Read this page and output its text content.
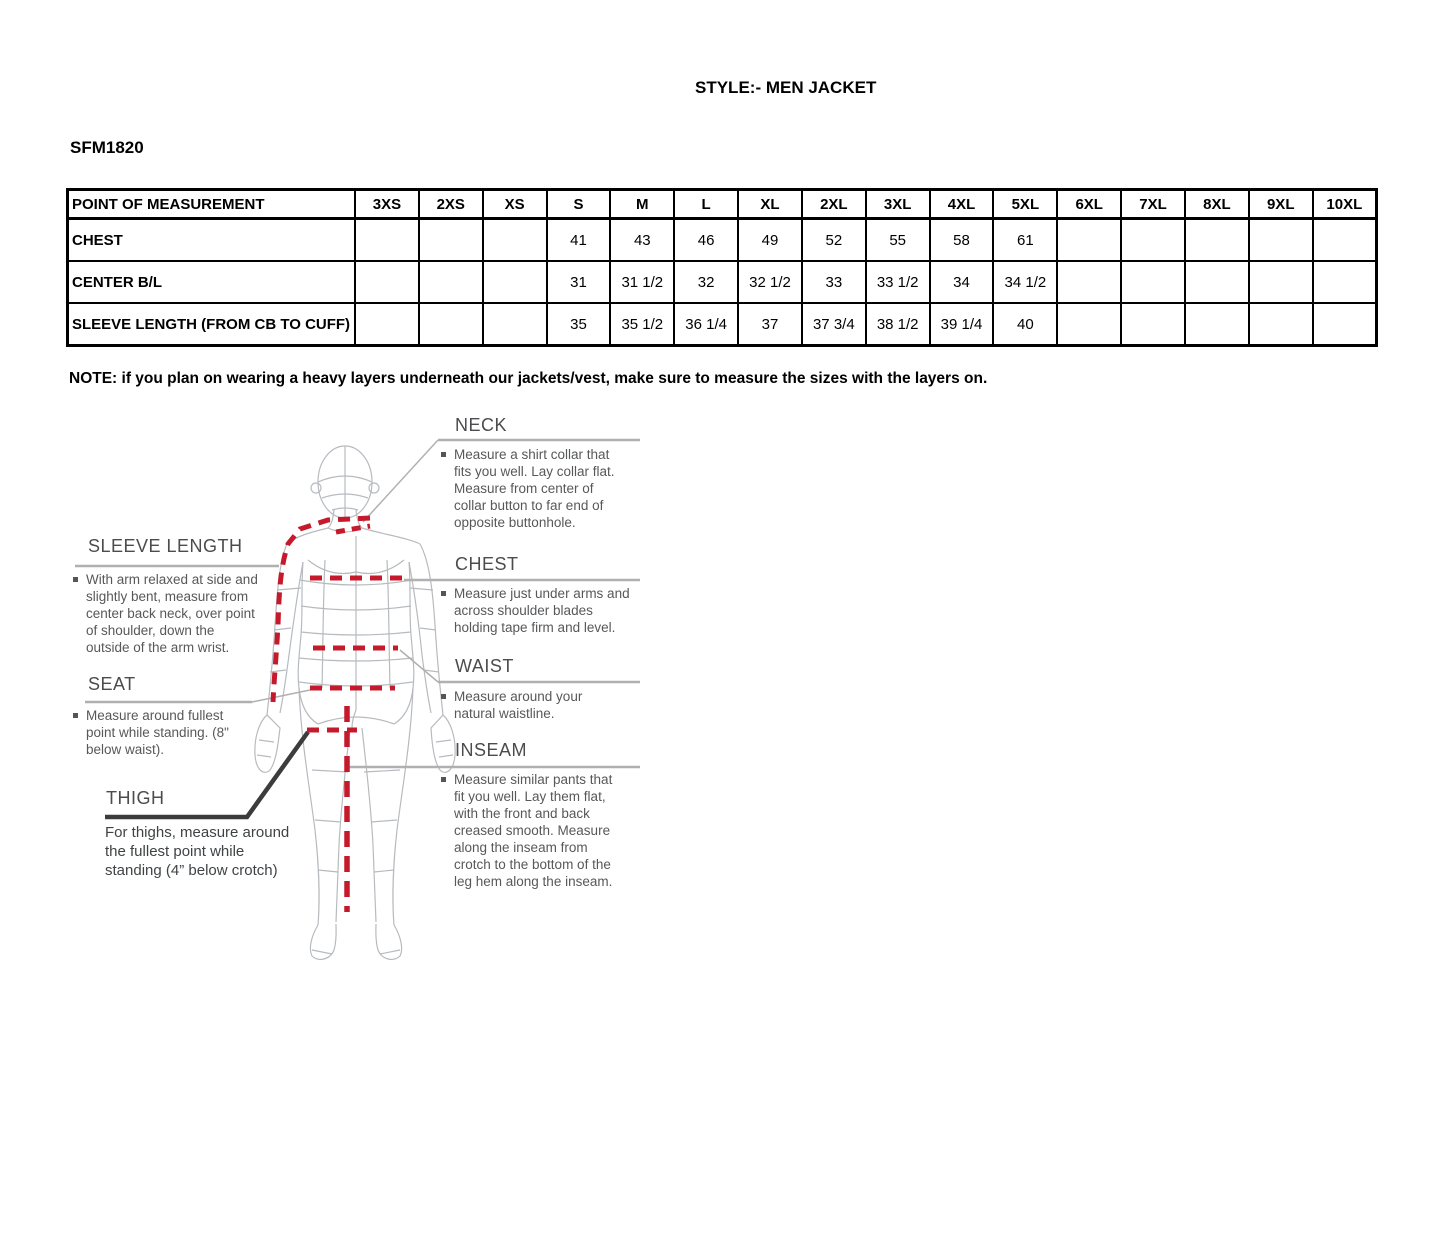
STYLE:- MEN JACKET
SFM1820
POINT OF MEASUREMENT	3XS	2XS	XS	S	M	L	XL	2XL	3XL	4XL	5XL	6XL	7XL	8XL	9XL	10XL
CHEST				41	43	46	49	52	55	58	61					
CENTER B/L				31	31 1/2	32	32 1/2	33	33 1/2	34	34 1/2					
SLEEVE LENGTH (FROM CB TO CUFF)				35	35 1/2	36 1/4	37	37 3/4	38 1/2	39 1/4	40					
NOTE: if you plan on wearing a heavy layers underneath our jackets/vest, make sure to measure the sizes with the layers on.
NECK
Measure a shirt collar that fits you well. Lay collar flat. Measure from center of collar button to far end of opposite buttonhole.
CHEST
Measure just under arms and across shoulder blades holding tape firm and level.
WAIST
Measure around your natural waistline.
INSEAM
Measure similar pants that fit you well. Lay them flat, with the front and back creased smooth. Measure along the inseam from crotch to the bottom of the leg hem along the inseam.
SLEEVE LENGTH
With arm relaxed at side and slightly bent, measure from center back neck, over point of shoulder, down the outside of the arm wrist.
SEAT
Measure around fullest point while standing. (8" below waist).
THIGH
For thighs, measure around the fullest point while standing (4” below crotch)
